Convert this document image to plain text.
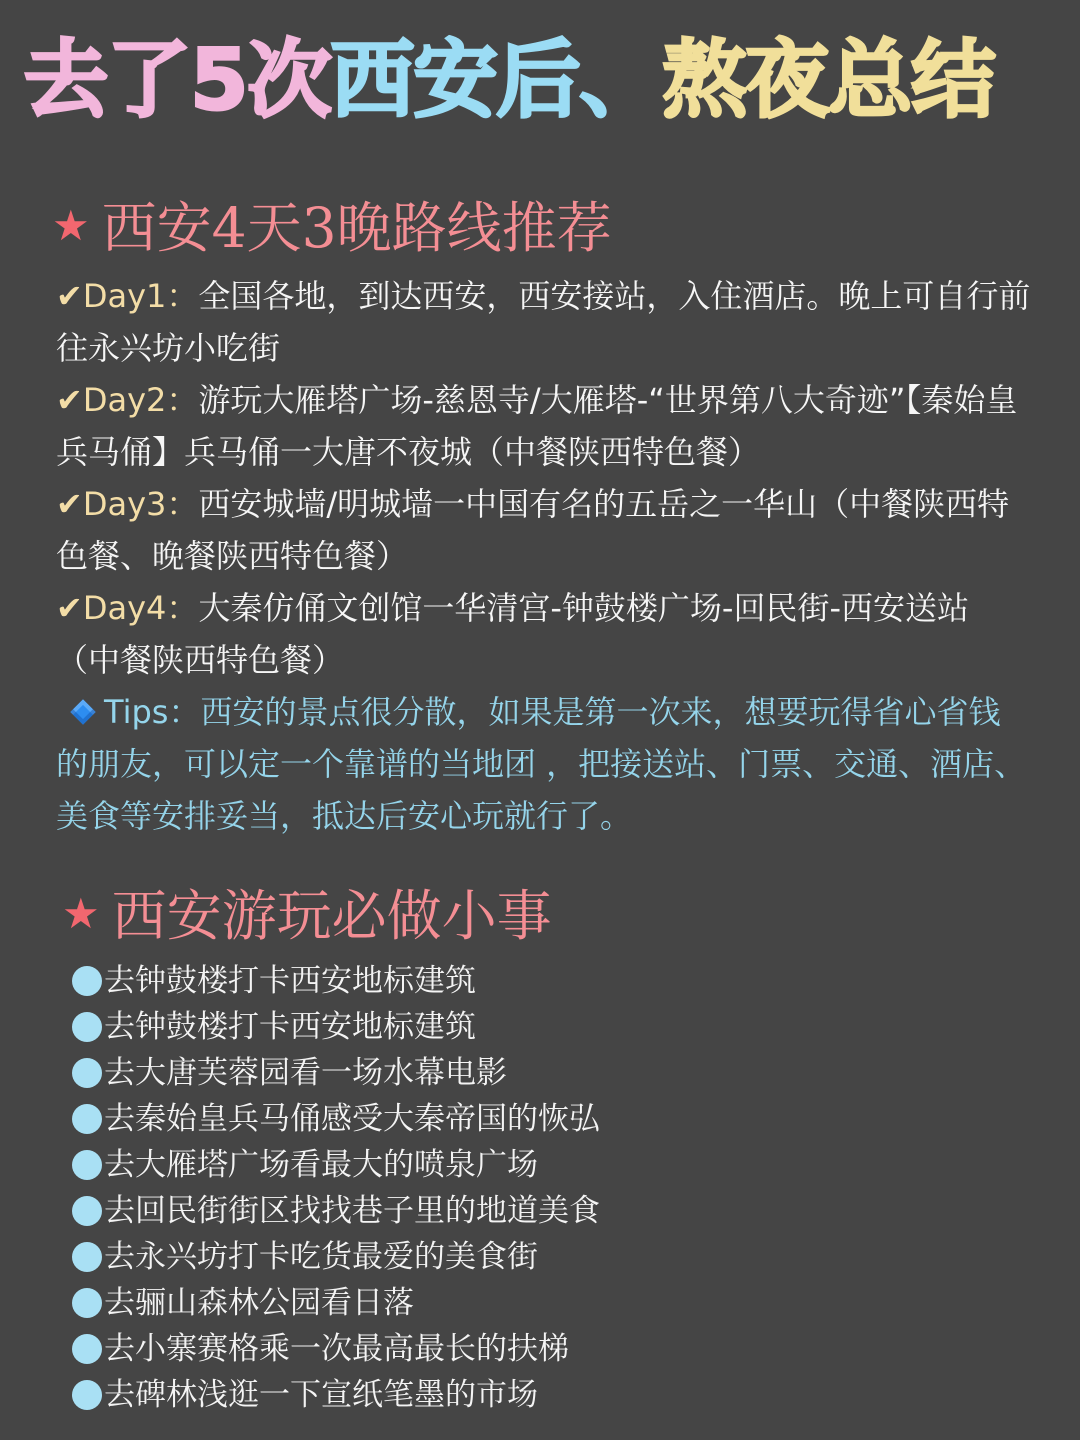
去了5次西安后、熬夜总结
★ 西安4天3晚路线推荐

✔Day1：全国各地，到达西安，西安接站，入住酒店。晚上可自行前往永兴坊小吃街

✔Day2：游玩大雁塔广场-慈恩寺/大雁塔-“世界第八大奇迹”【秦始皇兵马俑】兵马俑一大唐不夜城（中餐陕西特色餐）

✔Day3：西安城墙/明城墙一中国有名的五岳之一华山（中餐陕西特色餐、晚餐陕西特色餐）

✔Day4：大秦仿俑文创馆一华清宫-钟鼓楼广场-回民街-西安送站（中餐陕西特色餐）

Tips：西安的景点很分散，如果是第一次来，想要玩得省心省钱的朋友，可以定一个靠谱的当地团 ，把接送站、门票、交通、酒店、美食等安排妥当，抵达后安心玩就行了。

★ 西安游玩必做小事
去钟鼓楼打卡西安地标建筑
去钟鼓楼打卡西安地标建筑
去大唐芙蓉园看一场水幕电影
去秦始皇兵马俑感受大秦帝国的恢弘
去大雁塔广场看最大的喷泉广场
去回民街街区找找巷子里的地道美食
去永兴坊打卡吃货最爱的美食街
去骊山森林公园看日落
去小寨赛格乘一次最高最长的扶梯
去碑林浅逛一下宣纸笔墨的市场
